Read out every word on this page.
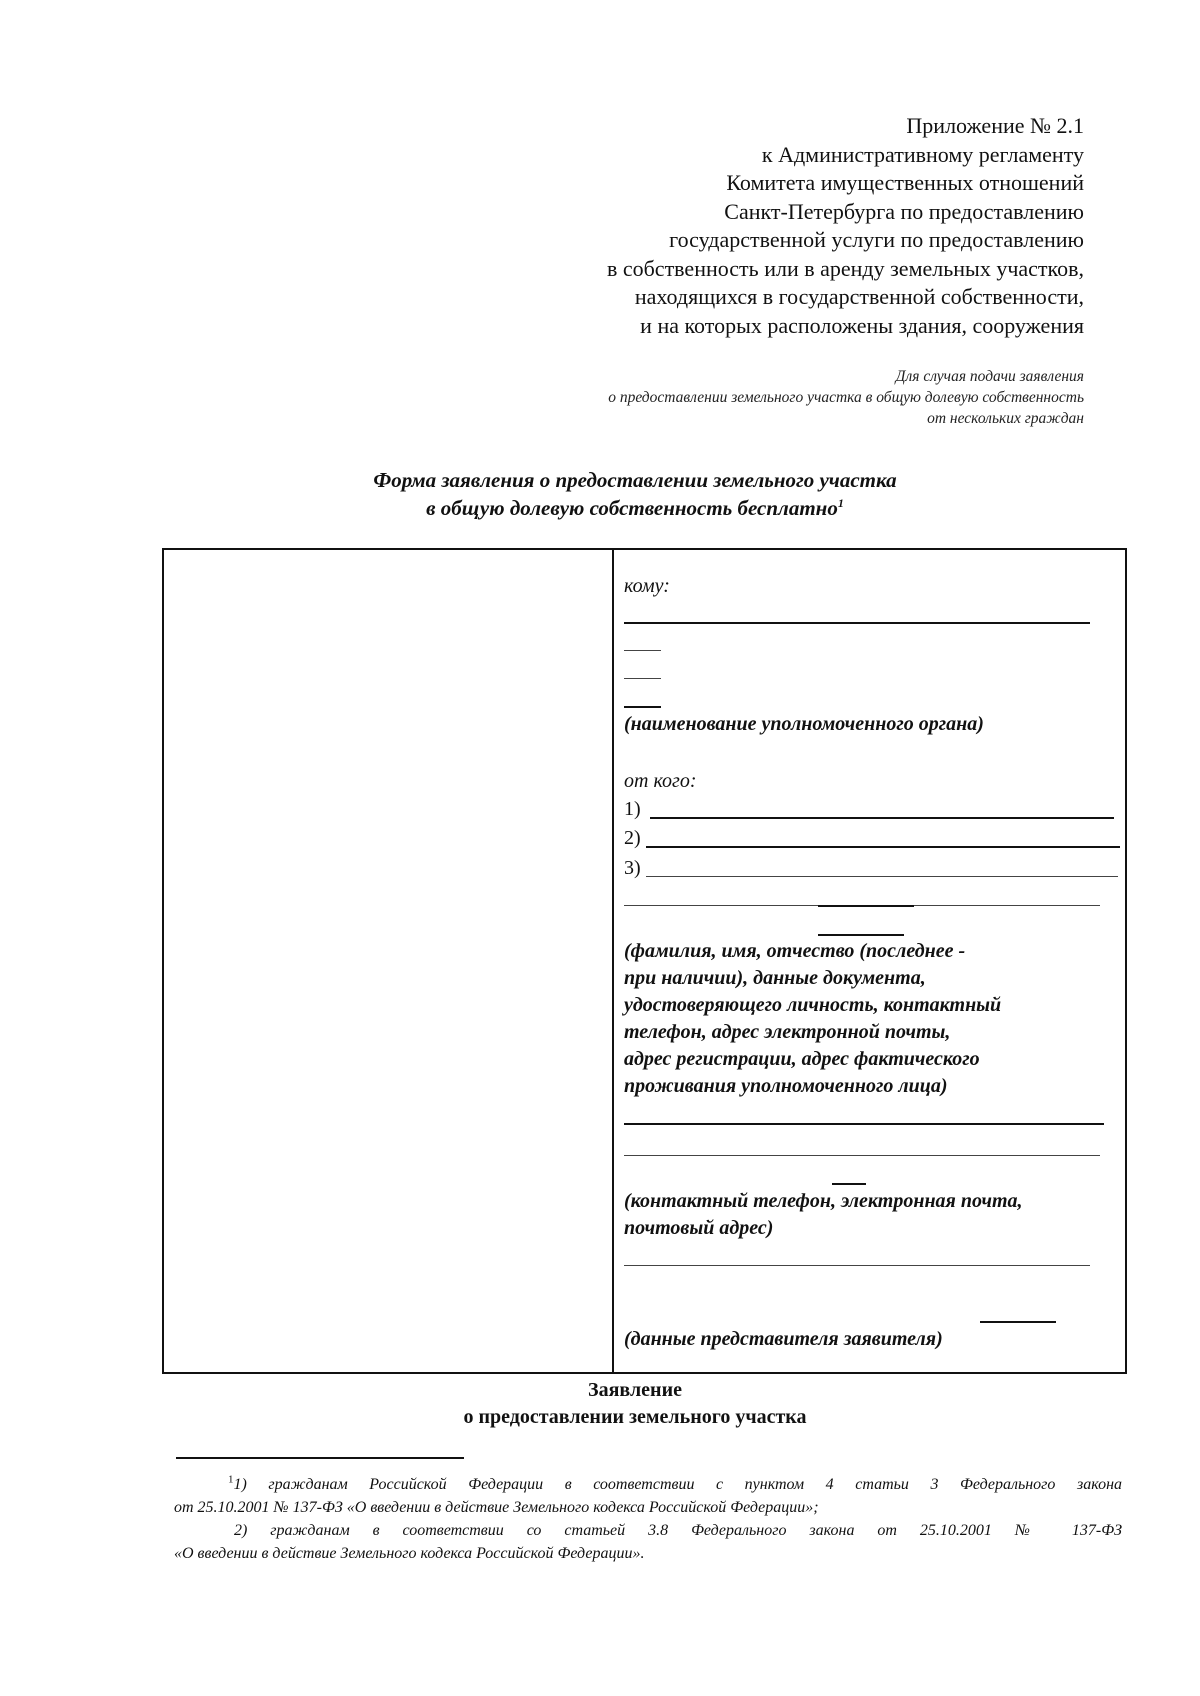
Приложение № 2.1
к Административному регламенту
Комитета имущественных отношений
Санкт-Петербурга по предоставлению
государственной услуги по предоставлению
в собственность или в аренду земельных участков,
находящихся в государственной собственности,
и на которых расположены здания, сооружения
Для случая подачи заявления
о предоставлении земельного участка в общую долевую собственность
от нескольких граждан
Форма заявления о предоставлении земельного участка
в общую долевую собственность бесплатно$^1$
кому:
(наименование уполномоченного органа)
от кого:
1)
2)
3)
(фамилия, имя, отчество (последнее -
при наличии), данные документа,
удостоверяющего личность, контактный
телефон, адрес электронной почты,
адрес регистрации, адрес фактического
проживания уполномоченного лица)
(контактный телефон, электронная почта,
почтовый адрес)
(данные представителя заявителя)
Заявление
о предоставлении земельного участка
$^1$1) гражданам Российской Федерации в соответствии с пунктом 4 статьи 3 Федерального закона
от 25.10.2001 № 137-ФЗ «О введении в действие Земельного кодекса Российской Федерации»;
2) гражданам в соответствии со статьей 3.8 Федерального закона от 25.10.2001 № 137-ФЗ
«О введении в действие Земельного кодекса Российской Федерации».
